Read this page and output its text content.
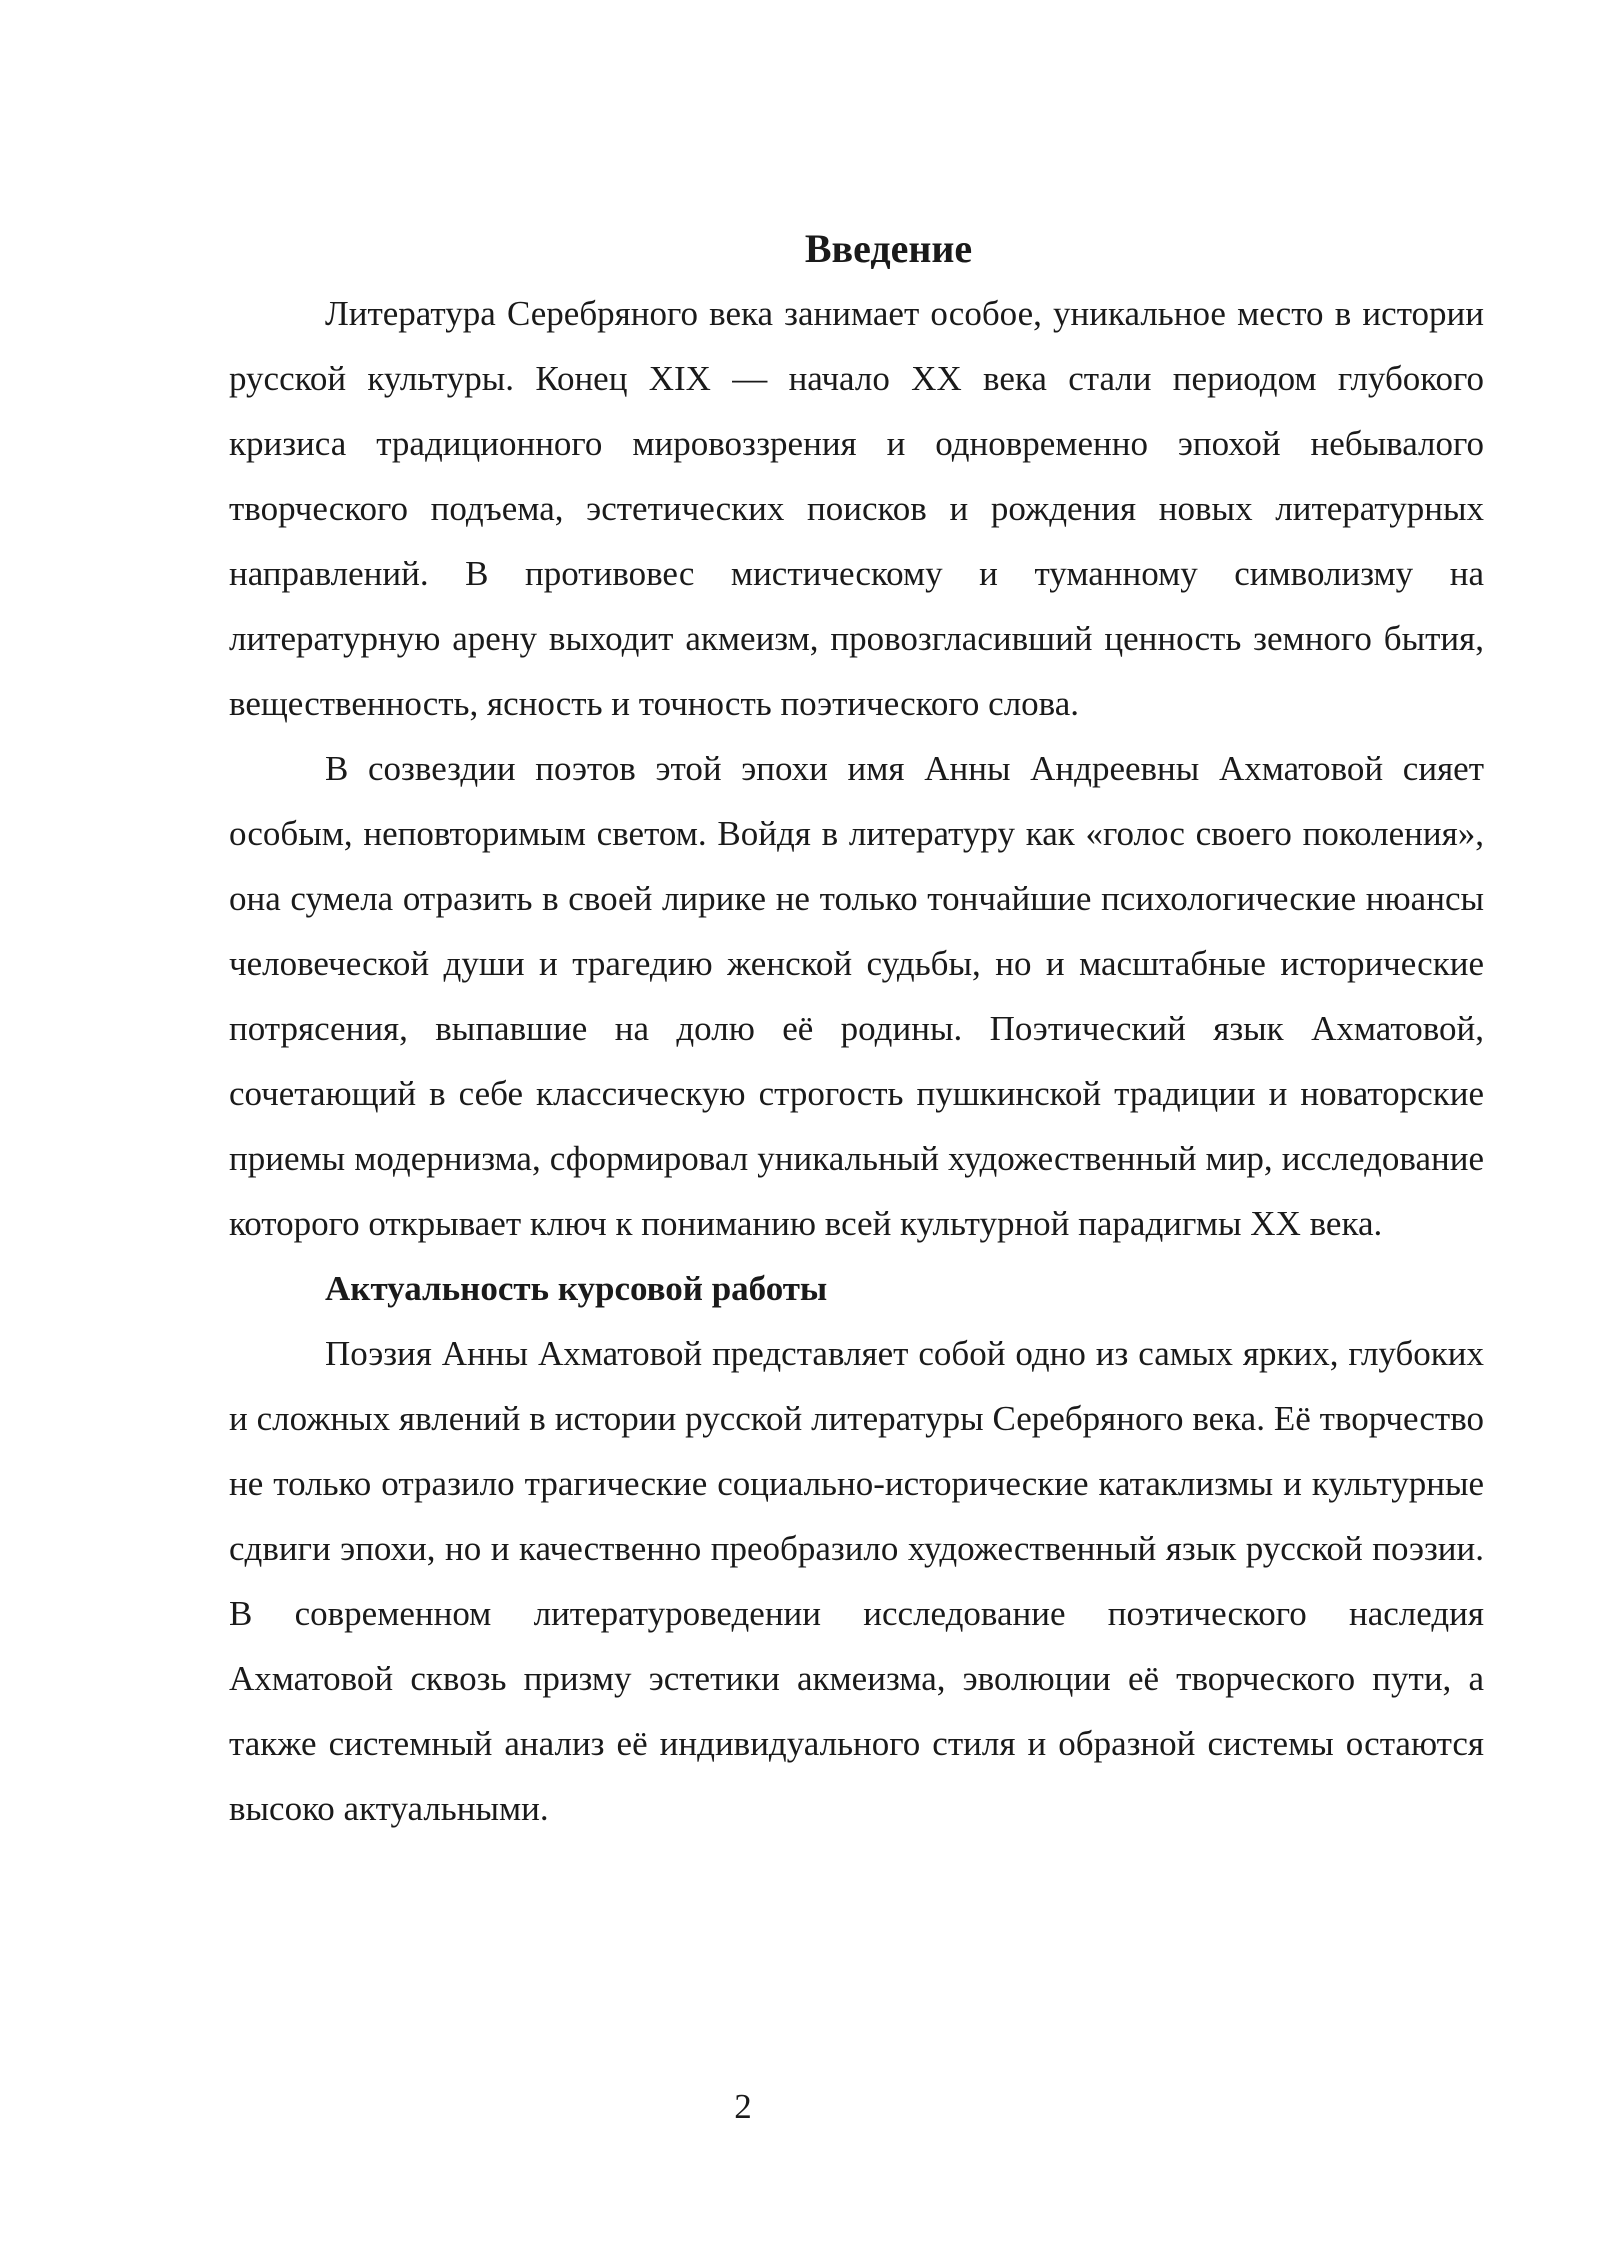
Введение

Литература Серебряного века занимает особое, уникальное место в истории русской культуры. Конец XIX — начало XX века стали периодом глубокого кризиса традиционного мировоззрения и одновременно эпохой небывалого творческого подъема, эстетических поисков и рождения новых литературных направлений. В противовес мистическому и туманному символизму на литературную арену выходит акмеизм, провозгласивший ценность земного бытия, вещественность, ясность и точность поэтического слова.

В созвездии поэтов этой эпохи имя Анны Андреевны Ахматовой сияет особым, неповторимым светом. Войдя в литературу как «голос своего поколения», она сумела отразить в своей лирике не только тончайшие психологические нюансы человеческой души и трагедию женской судьбы, но и масштабные исторические потрясения, выпавшие на долю её родины. Поэтический язык Ахматовой, сочетающий в себе классическую строгость пушкинской традиции и новаторские приемы модернизма, сформировал уникальный художественный мир, исследование которого открывает ключ к пониманию всей культурной парадигмы XX века.

Актуальность курсовой работы

Поэзия Анны Ахматовой представляет собой одно из самых ярких, глубоких и сложных явлений в истории русской литературы Серебряного века. Её творчество не только отразило трагические социально-исторические катаклизмы и культурные сдвиги эпохи, но и качественно преобразило художественный язык русской поэзии. В современном литературоведении исследование поэтического наследия Ахматовой сквозь призму эстетики акмеизма, эволюции её творческого пути, а также системный анализ её индивидуального стиля и образной системы остаются высоко актуальными.

2
